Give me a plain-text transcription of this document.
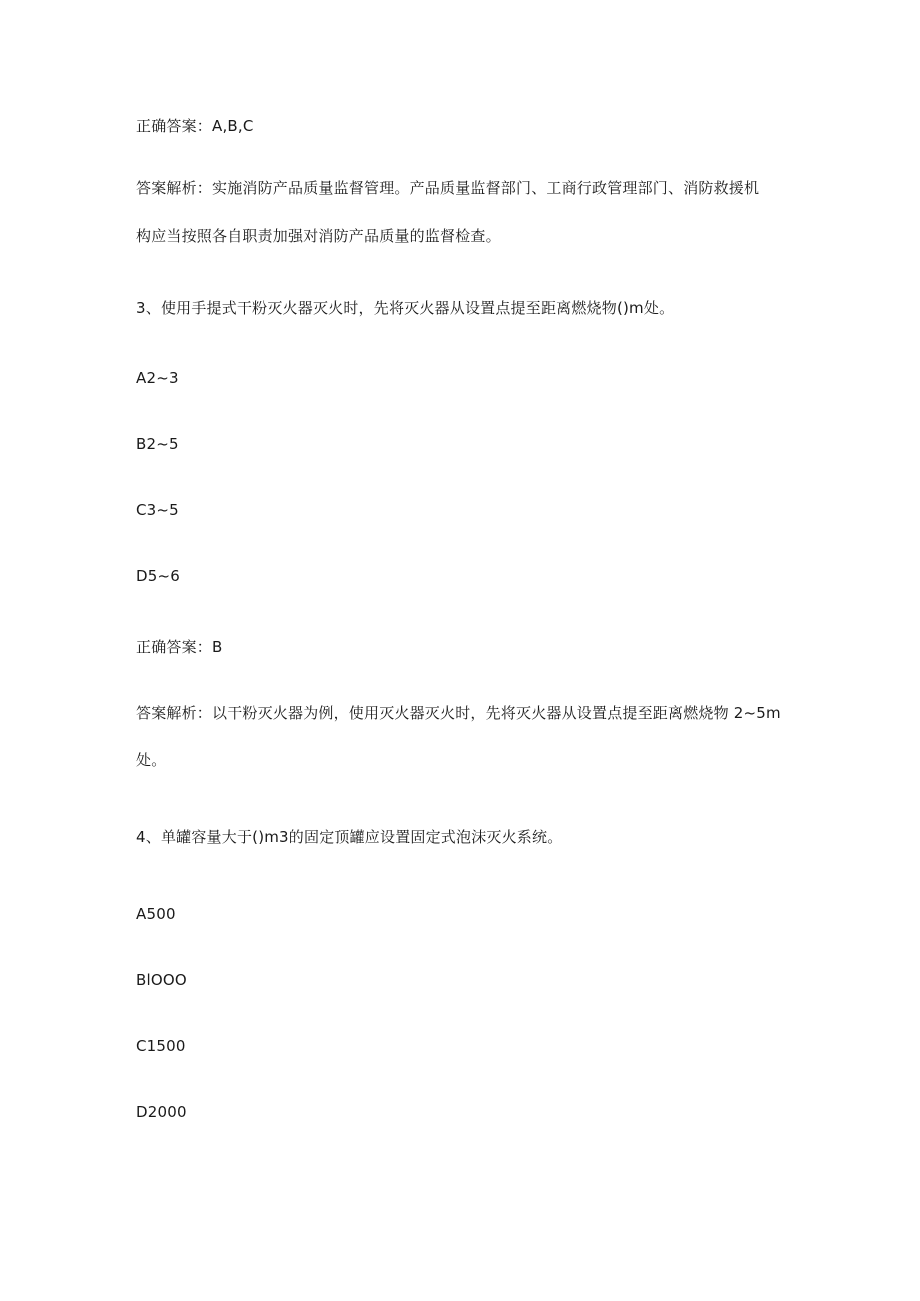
正确答案：A,B,C
答案解析：实施消防产品质量监督管理。产品质量监督部门、工商行政管理部门、消防救援机
构应当按照各自职责加强对消防产品质量的监督检查。
3、使用手提式干粉灭火器灭火时，先将灭火器从设置点提至距离燃烧物()m处。
A2~3
B2~5
C3~5
D5~6
正确答案：B
答案解析：以干粉灭火器为例，使用灭火器灭火时，先将灭火器从设置点提至距离燃烧物 2~5m
处。
4、单罐容量大于()m3的固定顶罐应设置固定式泡沫灭火系统。
A500
BlOOO
C1500
D2000
